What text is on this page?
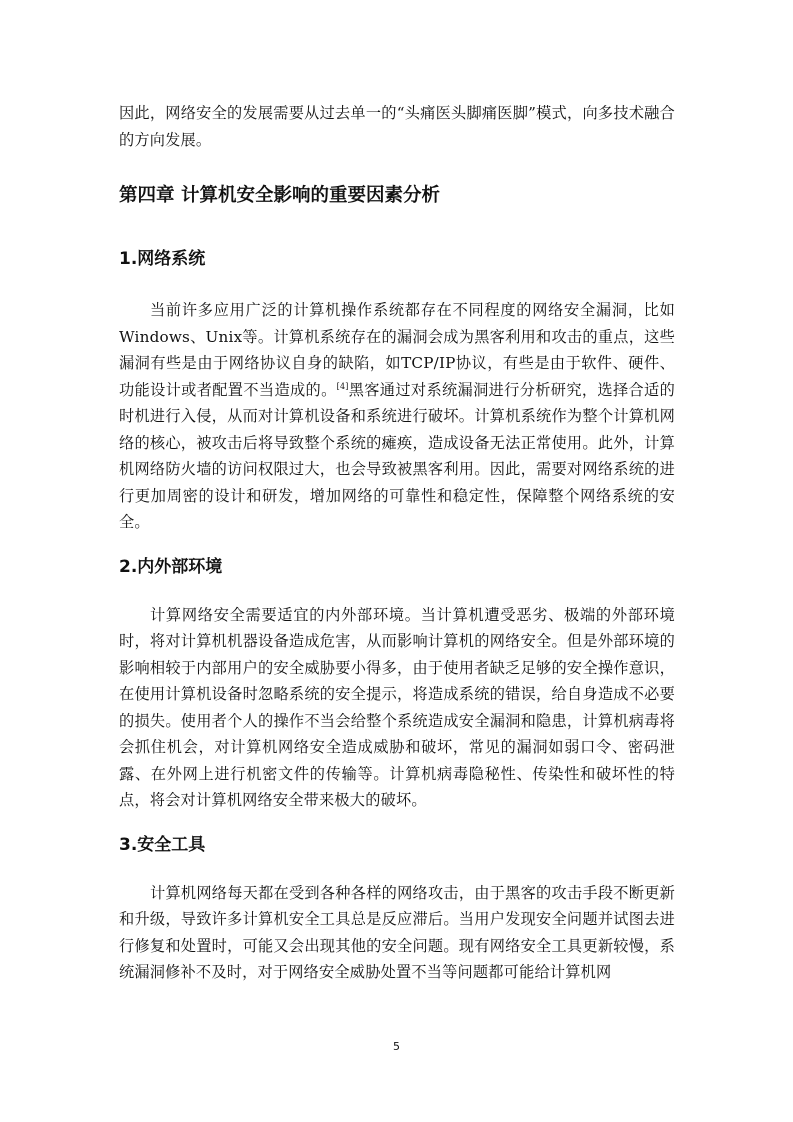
因此，网络安全的发展需要从过去单一的“头痛医头脚痛医脚”模式，向多技术融合的方向发展。

第四章 计算机安全影响的重要因素分析
1.网络系统

当前许多应用广泛的计算机操作系统都存在不同程度的网络安全漏洞，比如Windows、Unix等。计算机系统存在的漏洞会成为黑客利用和攻击的重点，这些漏洞有些是由于网络协议自身的缺陷，如TCP/IP协议，有些是由于软件、硬件、功能设计或者配置不当造成的。[4]黑客通过对系统漏洞进行分析研究，选择合适的时机进行入侵，从而对计算机设备和系统进行破坏。计算机系统作为整个计算机网络的核心，被攻击后将导致整个系统的瘫痪，造成设备无法正常使用。此外，计算机网络防火墙的访问权限过大，也会导致被黑客利用。因此，需要对网络系统的进行更加周密的设计和研发，增加网络的可靠性和稳定性，保障整个网络系统的安全。

2.内外部环境

计算网络安全需要适宜的内外部环境。当计算机遭受恶劣、极端的外部环境时，将对计算机机器设备造成危害，从而影响计算机的网络安全。但是外部环境的影响相较于内部用户的安全威胁要小得多，由于使用者缺乏足够的安全操作意识，在使用计算机设备时忽略系统的安全提示，将造成系统的错误，给自身造成不必要的损失。使用者个人的操作不当会给整个系统造成安全漏洞和隐患，计算机病毒将会抓住机会，对计算机网络安全造成威胁和破坏，常见的漏洞如弱口令、密码泄露、在外网上进行机密文件的传输等。计算机病毒隐秘性、传染性和破坏性的特点，将会对计算机网络安全带来极大的破坏。

3.安全工具

计算机网络每天都在受到各种各样的网络攻击，由于黑客的攻击手段不断更新和升级，导致许多计算机安全工具总是反应滞后。当用户发现安全问题并试图去进行修复和处置时，可能又会出现其他的安全问题。现有网络安全工具更新较慢，系统漏洞修补不及时，对于网络安全威胁处置不当等问题都可能给计算机网

5
